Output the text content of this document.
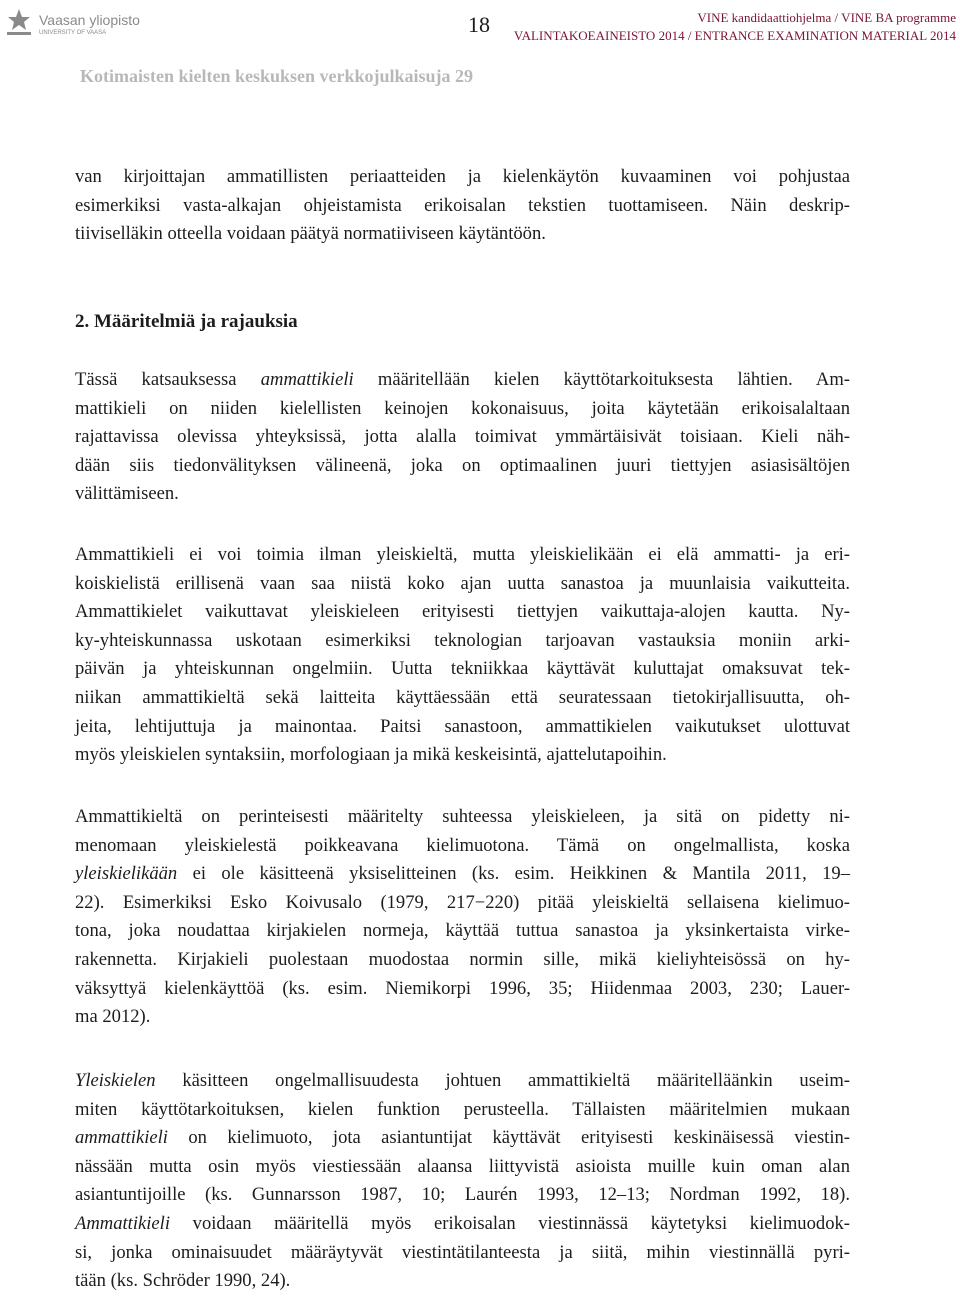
Vaasan yliopisto
UNIVERSITY OF VAASA	18	VINE kandidaattiohjelma / VINE BA programme
VALINTAKOEAINEISTO 2014 / ENTRANCE EXAMINATION MATERIAL 2014
Kotimaisten kielten keskuksen verkkojulkaisuja 29
van kirjoittajan ammatillisten periaatteiden ja kielenkäytön kuvaaminen voi pohjustaa
esimerkiksi vasta-alkajan ohjeistamista erikoisalan tekstien tuottamiseen. Näin deskrip-
tiiviselläkin otteella voidaan päätyä normatiiviseen käytäntöön.
2. Määritelmiä ja rajauksia
Tässä katsauksessa ammattikieli määritellään kielen käyttötarkoituksesta lähtien. Am-
mattikieli on niiden kielellisten keinojen kokonaisuus, joita käytetään erikoisalaltaan
rajattavissa olevissa yhteyksissä, jotta alalla toimivat ymmärtäisivät toisiaan. Kieli näh-
dään siis tiedonvälityksen välineenä, joka on optimaalinen juuri tiettyjen asiasisältöjen
välittämiseen.
Ammattikieli ei voi toimia ilman yleiskieltä, mutta yleiskielikään ei elä ammatti- ja eri-
koiskielistä erillisenä vaan saa niistä koko ajan uutta sanastoa ja muunlaisia vaikutteita.
Ammattikielet vaikuttavat yleiskieleen erityisesti tiettyjen vaikuttaja-alojen kautta. Ny-
ky-yhteiskunnassa uskotaan esimerkiksi teknologian tarjoavan vastauksia moniin arki-
päivän ja yhteiskunnan ongelmiin. Uutta tekniikkaa käyttävät kuluttajat omaksuvat tek-
niikan ammattikieltä sekä laitteita käyttäessään että seuratessaan tietokirjallisuutta, oh-
jeita, lehtijuttuja ja mainontaa. Paitsi sanastoon, ammattikielen vaikutukset ulottuvat
myös yleiskielen syntaksiin, morfologiaan ja mikä keskeisintä, ajattelutapoihin.
Ammattikieltä on perinteisesti määritelty suhteessa yleiskieleen, ja sitä on pidetty ni-
menomaan yleiskielestä poikkeavana kielimuotona. Tämä on ongelmallista, koska
yleiskielikään ei ole käsitteenä yksiselitteinen (ks. esim. Heikkinen & Mantila 2011, 19–
22). Esimerkiksi Esko Koivusalo (1979, 217−220) pitää yleiskieltä sellaisena kielimuo-
tona, joka noudattaa kirjakielen normeja, käyttää tuttua sanastoa ja yksinkertaista virke-
rakennetta. Kirjakieli puolestaan muodostaa normin sille, mikä kieliyhteisössä on hy-
väksyttyä kielenkäyttöä (ks. esim. Niemikorpi 1996, 35; Hiidenmaa 2003, 230; Lauer-
ma 2012).
Yleiskielen käsitteen ongelmallisuudesta johtuen ammattikieltä määritelläänkin useim-
miten käyttötarkoituksen, kielen funktion perusteella. Tällaisten määritelmien mukaan
ammattikieli on kielimuoto, jota asiantuntijat käyttävät erityisesti keskinäisessä viestin-
nässään mutta osin myös viestiessään alaansa liittyvistä asioista muille kuin oman alan
asiantuntijoille (ks. Gunnarsson 1987, 10; Laurén 1993, 12–13; Nordman 1992, 18).
Ammattikieli voidaan määritellä myös erikoisalan viestinnässä käytetyksi kielimuodok-
si, jonka ominaisuudet määräytyvät viestintätilanteesta ja siitä, mihin viestinnällä pyri-
tään (ks. Schröder 1990, 24).
